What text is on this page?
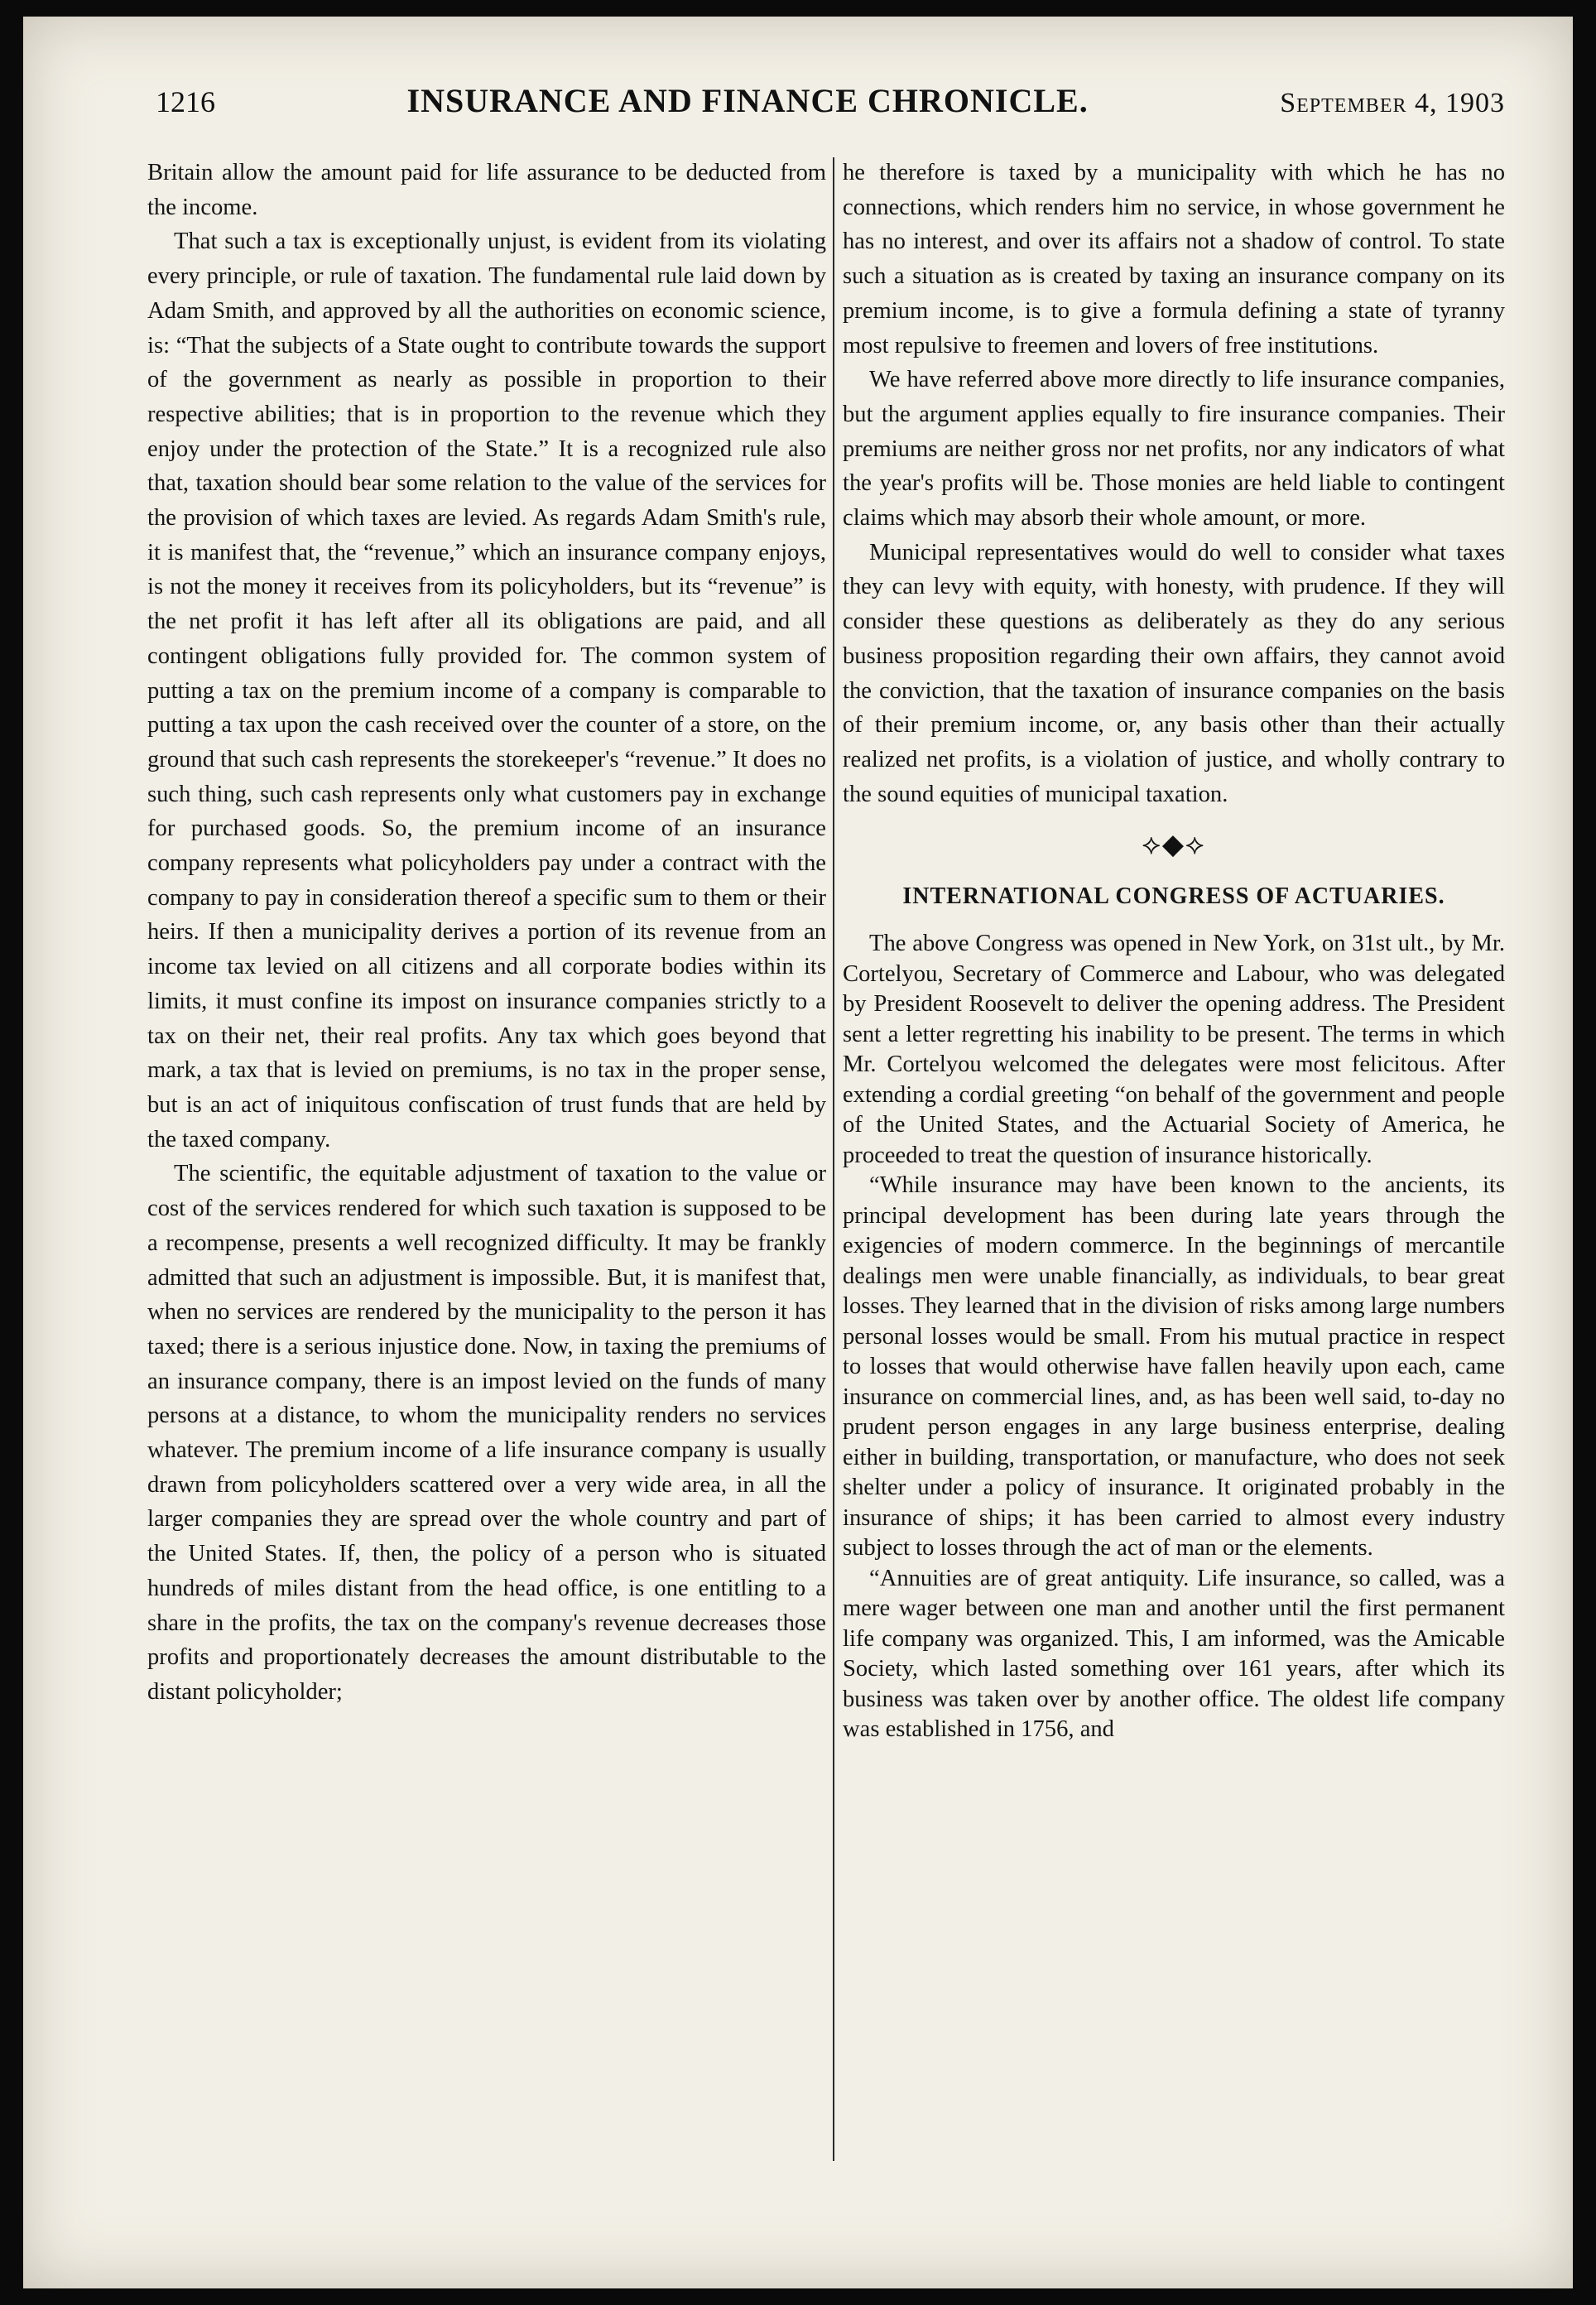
1216	INSURANCE AND FINANCE CHRONICLE.	September 4, 1903

Britain allow the amount paid for life assurance to be deducted from the income.

That such a tax is exceptionally unjust, is evident from its violating every principle, or rule of taxation. The fundamental rule laid down by Adam Smith, and approved by all the authorities on economic science, is: “That the subjects of a State ought to contribute towards the support of the government as nearly as possible in proportion to their respective abilities; that is in proportion to the revenue which they enjoy under the protection of the State.” It is a recognized rule also that, taxation should bear some relation to the value of the services for the provision of which taxes are levied. As regards Adam Smith's rule, it is manifest that, the “revenue,” which an insurance company enjoys, is not the money it receives from its policyholders, but its “revenue” is the net profit it has left after all its obligations are paid, and all contingent obligations fully provided for. The common system of putting a tax on the premium income of a company is comparable to putting a tax upon the cash received over the counter of a store, on the ground that such cash represents the storekeeper's “revenue.” It does no such thing, such cash represents only what customers pay in exchange for purchased goods. So, the premium income of an insurance company represents what policyholders pay under a contract with the company to pay in consideration thereof a specific sum to them or their heirs. If then a municipality derives a portion of its revenue from an income tax levied on all citizens and all corporate bodies within its limits, it must confine its impost on insurance companies strictly to a tax on their net, their real profits. Any tax which goes beyond that mark, a tax that is levied on premiums, is no tax in the proper sense, but is an act of iniquitous confiscation of trust funds that are held by the taxed company.

The scientific, the equitable adjustment of taxation to the value or cost of the services rendered for which such taxation is supposed to be a recompense, presents a well recognized difficulty. It may be frankly admitted that such an adjustment is impossible. But, it is manifest that, when no services are rendered by the municipality to the person it has taxed; there is a serious injustice done. Now, in taxing the premiums of an insurance company, there is an impost levied on the funds of many persons at a distance, to whom the municipality renders no services whatever. The premium income of a life insurance company is usually drawn from policyholders scattered over a very wide area, in all the larger companies they are spread over the whole country and part of the United States. If, then, the policy of a person who is situated hundreds of miles distant from the head office, is one entitling to a share in the profits, the tax on the company's revenue decreases those profits and proportionately decreases the amount distributable to the distant policyholder;

he therefore is taxed by a municipality with which he has no connections, which renders him no service, in whose government he has no interest, and over its affairs not a shadow of control. To state such a situation as is created by taxing an insurance company on its premium income, is to give a formula defining a state of tyranny most repulsive to freemen and lovers of free institutions.

We have referred above more directly to life insurance companies, but the argument applies equally to fire insurance companies. Their premiums are neither gross nor net profits, nor any indicators of what the year's profits will be. Those monies are held liable to contingent claims which may absorb their whole amount, or more.

Municipal representatives would do well to consider what taxes they can levy with equity, with honesty, with prudence. If they will consider these questions as deliberately as they do any serious business proposition regarding their own affairs, they cannot avoid the conviction, that the taxation of insurance companies on the basis of their premium income, or, any basis other than their actually realized net profits, is a violation of justice, and wholly contrary to the sound equities of municipal taxation.

⟡◆⟡
INTERNATIONAL CONGRESS OF ACTUARIES.

The above Congress was opened in New York, on 31st ult., by Mr. Cortelyou, Secretary of Commerce and Labour, who was delegated by President Roosevelt to deliver the opening address. The President sent a letter regretting his inability to be present. The terms in which Mr. Cortelyou welcomed the delegates were most felicitous. After extending a cordial greeting “on behalf of the government and people of the United States, and the Actuarial Society of America, he proceeded to treat the question of insurance historically.

“While insurance may have been known to the ancients, its principal development has been during late years through the exigencies of modern commerce. In the beginnings of mercantile dealings men were unable financially, as individuals, to bear great losses. They learned that in the division of risks among large numbers personal losses would be small. From his mutual practice in respect to losses that would otherwise have fallen heavily upon each, came insurance on commercial lines, and, as has been well said, to-day no prudent person engages in any large business enterprise, dealing either in building, transportation, or manufacture, who does not seek shelter under a policy of insurance. It originated probably in the insurance of ships; it has been carried to almost every industry subject to losses through the act of man or the elements.

“Annuities are of great antiquity. Life insurance, so called, was a mere wager between one man and another until the first permanent life company was organized. This, I am informed, was the Amicable Society, which lasted something over 161 years, after which its business was taken over by another office. The oldest life company was established in 1756, and
